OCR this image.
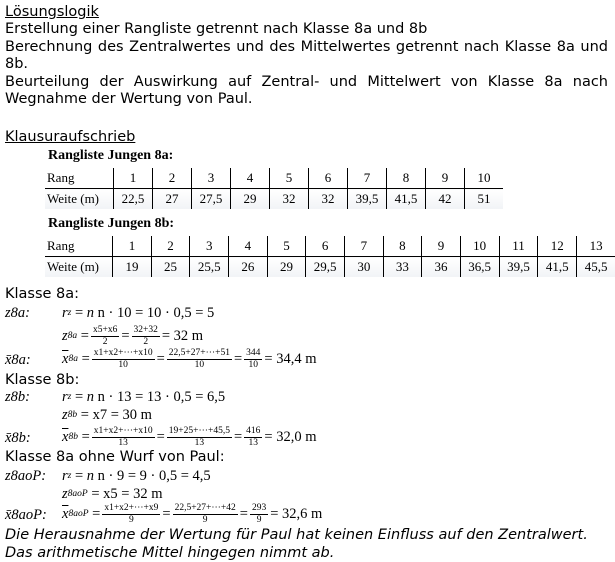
Lösungslogik
Erstellung einer Rangliste getrennt nach Klasse 8a und 8b
Berechnung des Zentralwertes und des Mittelwertes getrennt nach Klasse 8a und
8b.
Beurteilung der Auswirkung auf Zentral- und Mittelwert von Klasse 8a nach
Wegnahme der Wertung von Paul.
Klausuraufschrieb
Rangliste Jungen 8a:
Rang	1	2	3	4	5	6	7	8	9	10
Weite (m)	22,5	27	27,5	29	32	32	39,5	41,5	42	51
Rangliste Jungen 8b:
Rang	1	2	3	4	5	6	7	8	9	10	11	12	13
Weite (m)	19	25	25,5	26	29	29,5	30	33	36	36,5	39,5	41,5	45,5
Klasse 8a:
z8a: r z = n
n · 10 = 10 · 0,5 = 5
z $8a = \frac{x5+x6}{2} = \frac{32+32}{2} = 32$ m
x̄8a: $\overline{x}$ $8a = \frac{x1+x2+\cdots+x10}{10} = \frac{22,5+27+\cdots+51}{10} = \frac{344}{10} = 34,4$ m
Klasse 8b:
z8b: r z = n
n · 13 = 13 · 0,5 = 6,5
z 8b
= x7 = 30 m
x̄8b: $\overline{x}$ $8b = \frac{x1+x2+\cdots+x10}{13} = \frac{19+25+\cdots+45,5}{13} = \frac{416}{13} = 32,0$ m
Klasse 8a ohne Wurf von Paul:
z8aoP: r z = n
n · 9 = 9 · 0,5 = 4,5
z 8aoP
= x5 = 32 m
x̄8aoP: $\overline{x}$ $8aoP = \frac{x1+x2+\cdots+x9}{9} = \frac{22,5+27+\cdots+42}{9} = \frac{293}{9} = 32,6$ m
Die Herausnahme der Wertung für Paul hat keinen Einfluss auf den Zentralwert.
Das arithmetische Mittel hingegen nimmt ab.
